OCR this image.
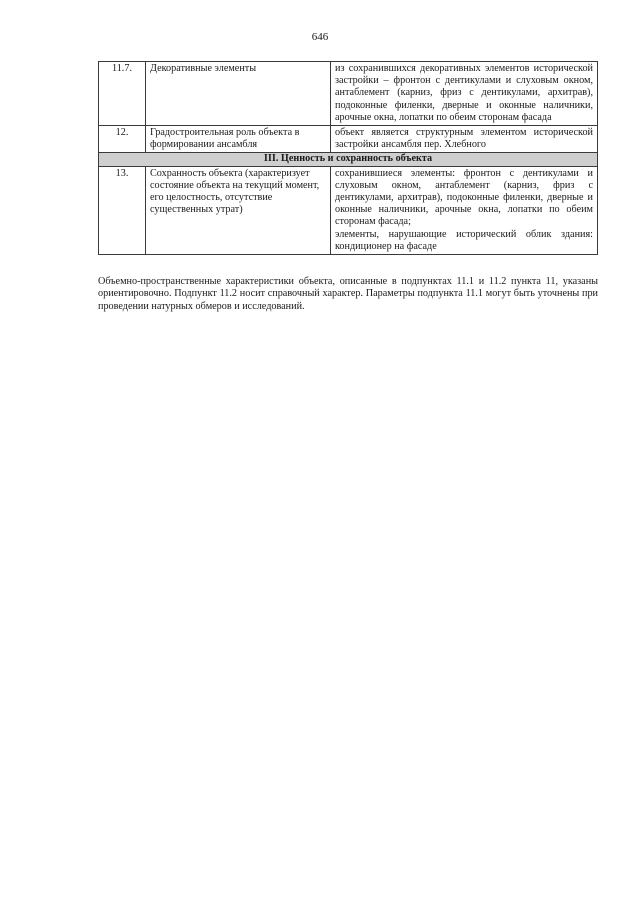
646
11.7.	Декоративные элементы	из сохранившихся декоративных элементов исторической застройки – фронтон с дентикулами и слуховым окном, антаблемент (карниз, фриз с дентикулами, архитрав), подоконные филенки, дверные и оконные наличники, арочные окна, лопатки по обеим сторонам фасада

12.	Градостроительная роль объекта в формировании ансамбля	объект является структурным элементом исторической застройки ансамбля пер. Хлебного

III. Ценность и сохранность объекта		
13.	Сохранность объекта (характеризует состояние объекта на текущий момент, его целостность, отсутствие существенных утрат)	сохранившиеся элементы: фронтон с дентикулами и слуховым окном, антаблемент (карниз, фриз с дентикулами, архитрав), подоконные филенки, дверные и оконные наличники, арочные окна, лопатки по обеим сторонам фасада;
элементы, нарушающие исторический облик здания: кондиционер на фасаде
Объемно-пространственные характеристики объекта, описанные в подпунктах 11.1 и 11.2 пункта 11, указаны ориентировочно. Подпункт 11.2 носит справочный характер. Параметры подпункта 11.1 могут быть уточнены при проведении натурных обмеров и исследований.
